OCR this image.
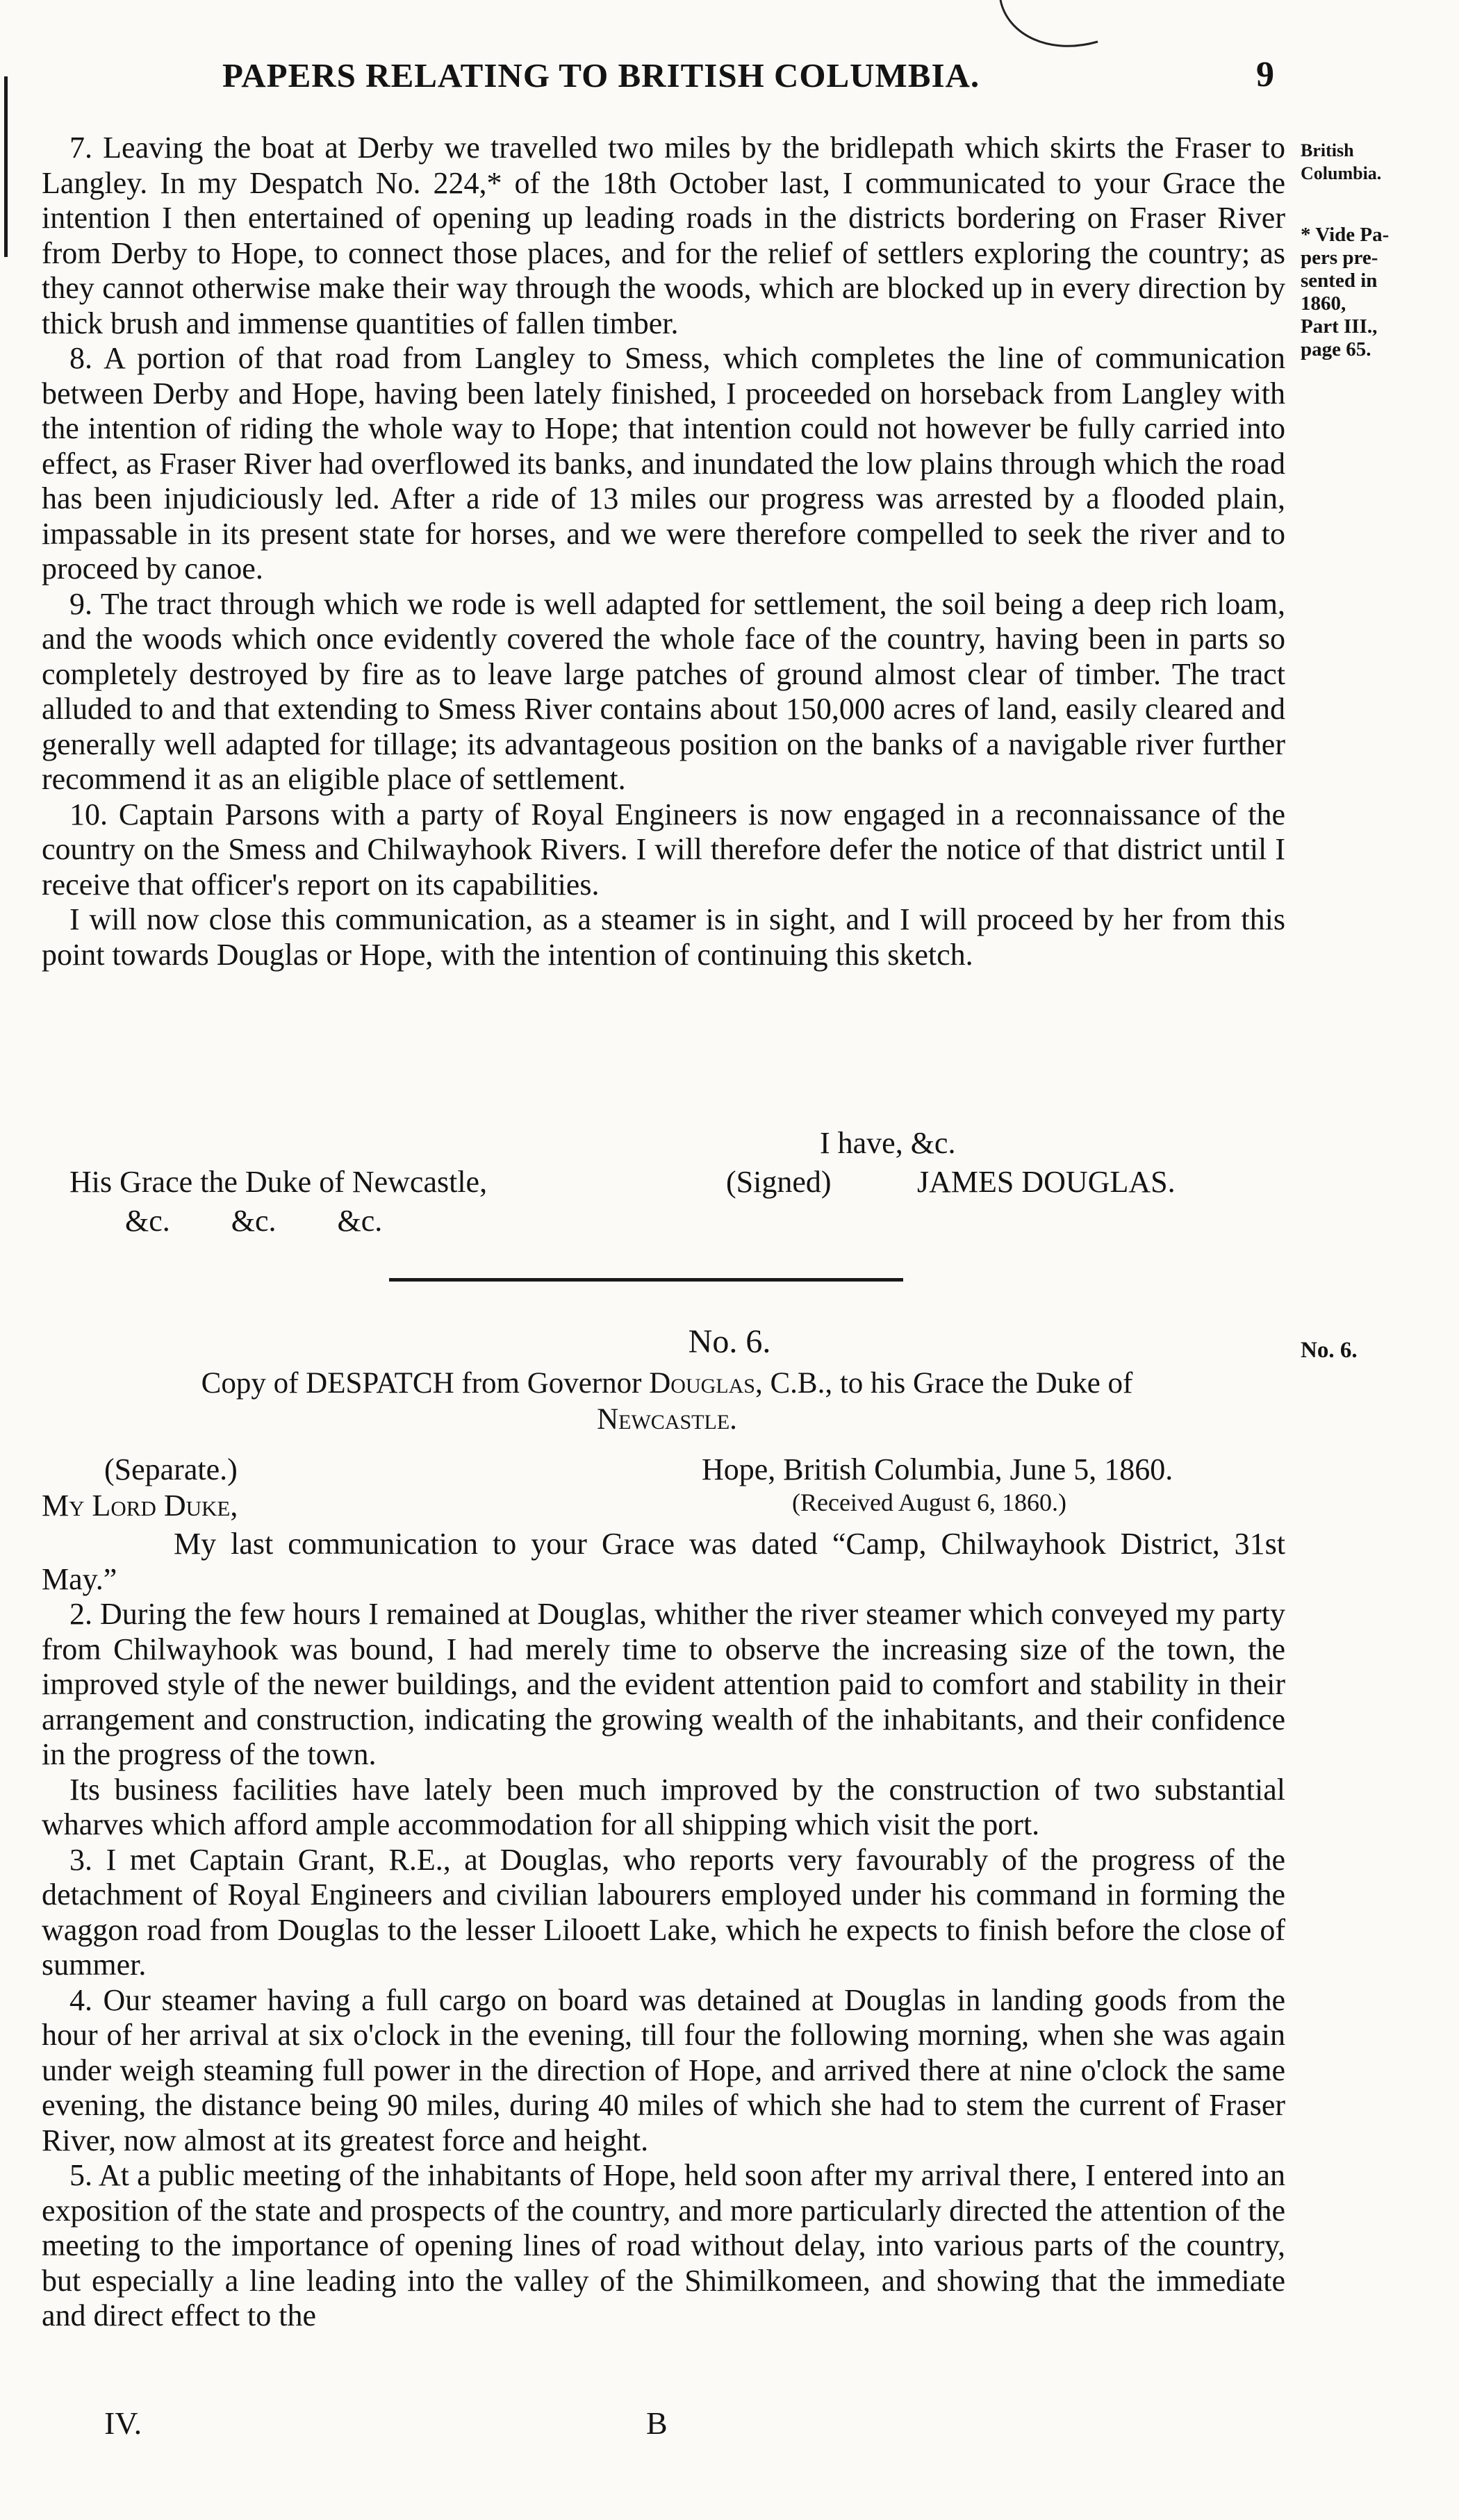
PAPERS RELATING TO BRITISH COLUMBIA.	9
British
Columbia.
* Vide Pa-
pers pre-
sented in
1860,
Part III.,
page 65.
No. 6.

7. Leaving the boat at Derby we travelled two miles by the bridlepath which skirts the Fraser to Langley. In my Despatch No. 224,* of the 18th October last, I communicated to your Grace the intention I then entertained of opening up leading roads in the districts bordering on Fraser River from Derby to Hope, to connect those places, and for the relief of settlers exploring the country; as they cannot otherwise make their way through the woods, which are blocked up in every direction by thick brush and immense quantities of fallen timber.

8. A portion of that road from Langley to Smess, which completes the line of communication between Derby and Hope, having been lately finished, I proceeded on horseback from Langley with the intention of riding the whole way to Hope; that intention could not however be fully carried into effect, as Fraser River had overflowed its banks, and inundated the low plains through which the road has been injudiciously led. After a ride of 13 miles our progress was arrested by a flooded plain, impassable in its present state for horses, and we were therefore compelled to seek the river and to proceed by canoe.

9. The tract through which we rode is well adapted for settlement, the soil being a deep rich loam, and the woods which once evidently covered the whole face of the country, having been in parts so completely destroyed by fire as to leave large patches of ground almost clear of timber. The tract alluded to and that extending to Smess River contains about 150,000 acres of land, easily cleared and generally well adapted for tillage; its advantageous position on the banks of a navigable river further recommend it as an eligible place of settlement.

10. Captain Parsons with a party of Royal Engineers is now engaged in a reconnaissance of the country on the Smess and Chilwayhook Rivers. I will therefore defer the notice of that district until I receive that officer's report on its capabilities.

I will now close this communication, as a steamer is in sight, and I will proceed by her from this point towards Douglas or Hope, with the intention of continuing this sketch.

I have, &c.
His Grace the Duke of Newcastle,	(Signed)	JAMES DOUGLAS.
&c.        &c.        &c.
No. 6.
Copy of DESPATCH from Governor Douglas, C.B., to his Grace the Duke of
Newcastle.
(Separate.)	Hope, British Columbia, June 5, 1860.
(Received August 6, 1860.)
My Lord Duke,

My last communication to your Grace was dated “Camp, Chilwayhook District, 31st May.”

2. During the few hours I remained at Douglas, whither the river steamer which conveyed my party from Chilwayhook was bound, I had merely time to observe the increasing size of the town, the improved style of the newer buildings, and the evident attention paid to comfort and stability in their arrangement and construction, indicating the growing wealth of the inhabitants, and their confidence in the progress of the town.

Its business facilities have lately been much improved by the construction of two substantial wharves which afford ample accommodation for all shipping which visit the port.

3. I met Captain Grant, R.E., at Douglas, who reports very favourably of the progress of the detachment of Royal Engineers and civilian labourers employed under his command in forming the waggon road from Douglas to the lesser Lilooett Lake, which he expects to finish before the close of summer.

4. Our steamer having a full cargo on board was detained at Douglas in landing goods from the hour of her arrival at six o'clock in the evening, till four the following morning, when she was again under weigh steaming full power in the direction of Hope, and arrived there at nine o'clock the same evening, the distance being 90 miles, during 40 miles of which she had to stem the current of Fraser River, now almost at its greatest force and height.

5. At a public meeting of the inhabitants of Hope, held soon after my arrival there, I entered into an exposition of the state and prospects of the country, and more particularly directed the attention of the meeting to the importance of opening lines of road without delay, into various parts of the country, but especially a line leading into the valley of the Shimilkomeen, and showing that the immediate and direct effect to the

IV.	B
